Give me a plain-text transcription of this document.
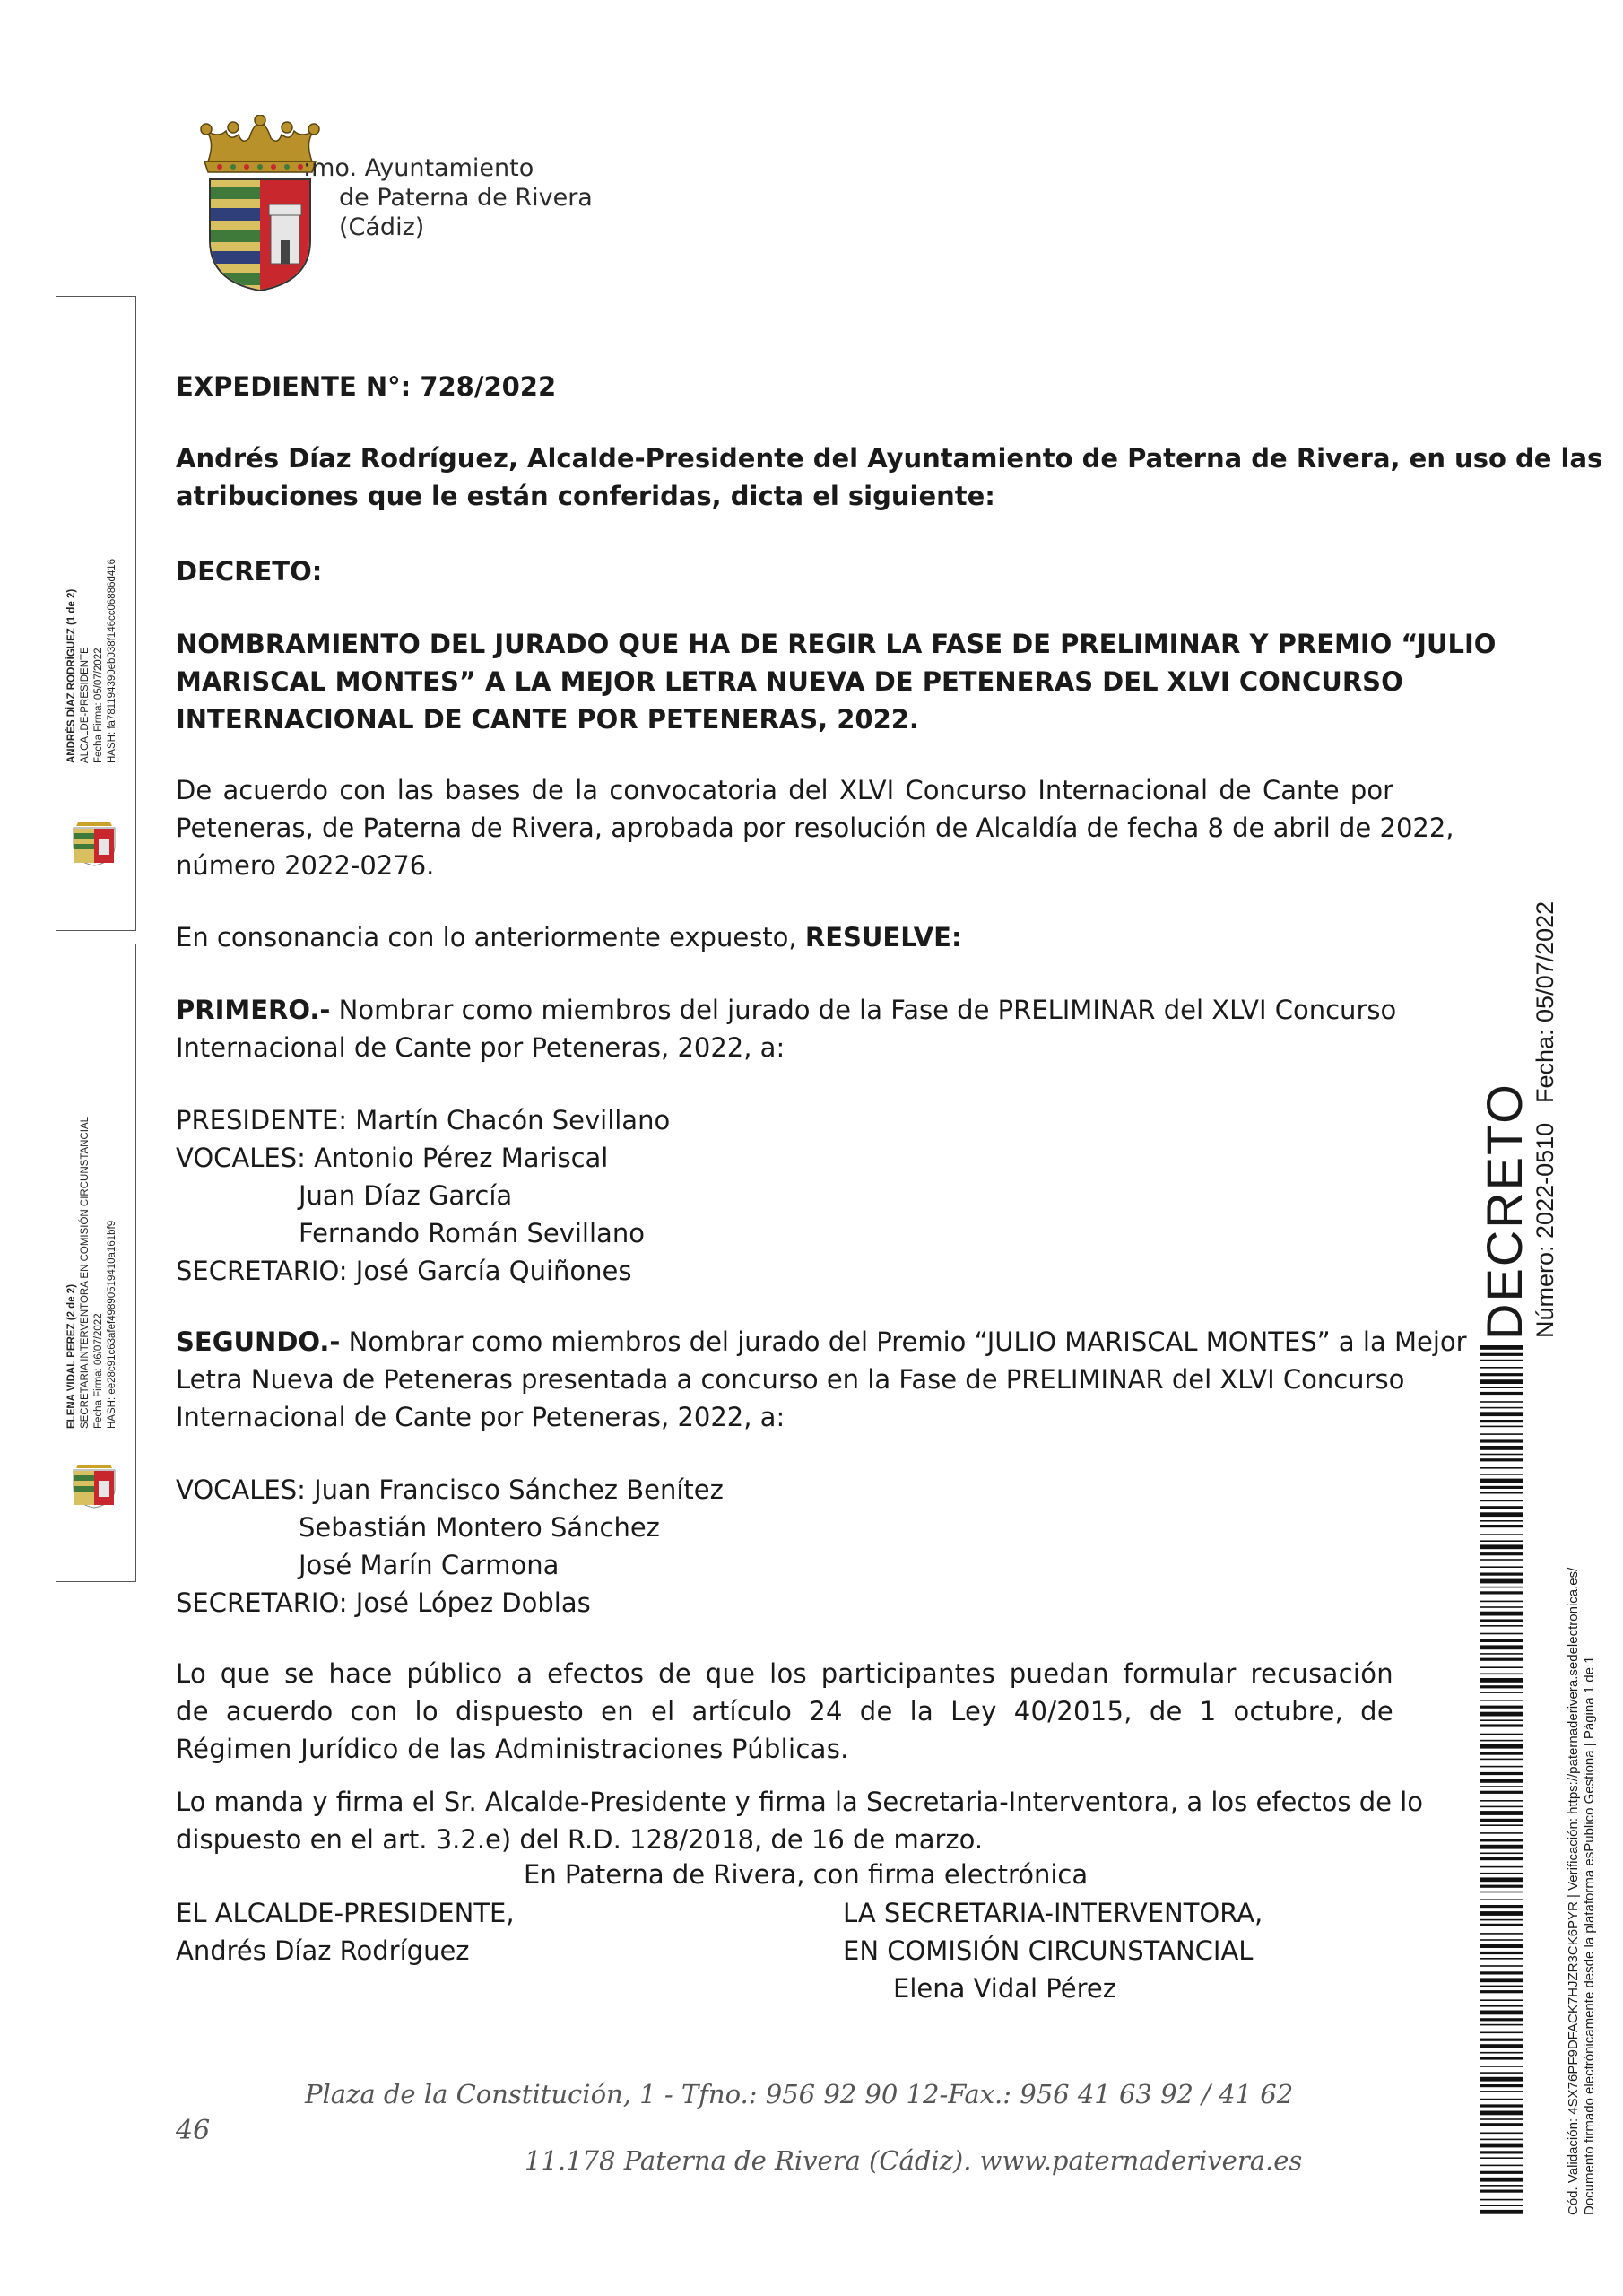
:mo. Ayuntamiento
de Paterna de Rivera
(Cádiz)
ANDRÉS DÍAZ RODRÍGUEZ (1 de 2) ALCALDE-PRESIDENTE Fecha Firma: 05/07/2022 HASH: fa781194390eb038f146cc06886d416
ELENA VIDAL PEREZ (2 de 2) SECRETARIA INTERVENTORA EN COMISIÓN CIRCUNSTANCIAL Fecha Firma: 06/07/2022 HASH: ee28c91c63afef49890519410a161bf9
EXPEDIENTE N°: 728/2022
Andrés Díaz Rodríguez, Alcalde-Presidente del Ayuntamiento de Paterna de Rivera, en uso de las
atribuciones que le están conferidas, dicta el siguiente:
DECRETO:
NOMBRAMIENTO DEL JURADO QUE HA DE REGIR LA FASE DE PRELIMINAR Y PREMIO “JULIO
MARISCAL MONTES” A LA MEJOR LETRA NUEVA DE PETENERAS DEL XLVI CONCURSO
INTERNACIONAL DE CANTE POR PETENERAS, 2022.
De acuerdo con las bases de la convocatoria del XLVI Concurso Internacional de Cante por
Peteneras, de Paterna de Rivera, aprobada por resolución de Alcaldía de fecha 8 de abril de 2022,
número 2022-0276.
En consonancia con lo anteriormente expuesto, RESUELVE:
PRIMERO.- Nombrar como miembros del jurado de la Fase de PRELIMINAR del XLVI Concurso
Internacional de Cante por Peteneras, 2022, a:
PRESIDENTE: Martín Chacón Sevillano
VOCALES: Antonio Pérez Mariscal
Juan Díaz García
Fernando Román Sevillano
SECRETARIO: José García Quiñones
SEGUNDO.- Nombrar como miembros del jurado del Premio “JULIO MARISCAL MONTES” a la Mejor
Letra Nueva de Peteneras presentada a concurso en la Fase de PRELIMINAR del XLVI Concurso
Internacional de Cante por Peteneras, 2022, a:
VOCALES: Juan Francisco Sánchez Benítez
Sebastián Montero Sánchez
José Marín Carmona
SECRETARIO: José López Doblas
Lo que se hace público a efectos de que los participantes puedan formular recusación
de acuerdo con lo dispuesto en el artículo 24 de la Ley 40/2015, de 1 octubre, de
Régimen Jurídico de las Administraciones Públicas.
Lo manda y firma el Sr. Alcalde-Presidente y firma la Secretaria-Interventora, a los efectos de lo
dispuesto en el art. 3.2.e) del R.D. 128/2018, de 16 de marzo.
En Paterna de Rivera, con firma electrónica
EL ALCALDE-PRESIDENTE,
Andrés Díaz Rodríguez
LA SECRETARIA-INTERVENTORA,
EN COMISIÓN CIRCUNSTANCIAL
Elena Vidal Pérez
46
Plaza de la Constitución, 1 - Tfno.: 956 92 90 12-Fax.: 956 41 63 92 / 41 62
11.178 Paterna de Rivera (Cádiz). www.paternaderivera.es
DECRETO Número: 2022-0510
Fecha: 05/07/2022
Cód. Validación: 4SX76PF9DFACK7HJZR3CK6PYR | Verificación: https://paternaderivera.sedelectronica.es/ Documento firmado electrónicamente desde la plataforma esPublico Gestiona | Página 1 de 1
